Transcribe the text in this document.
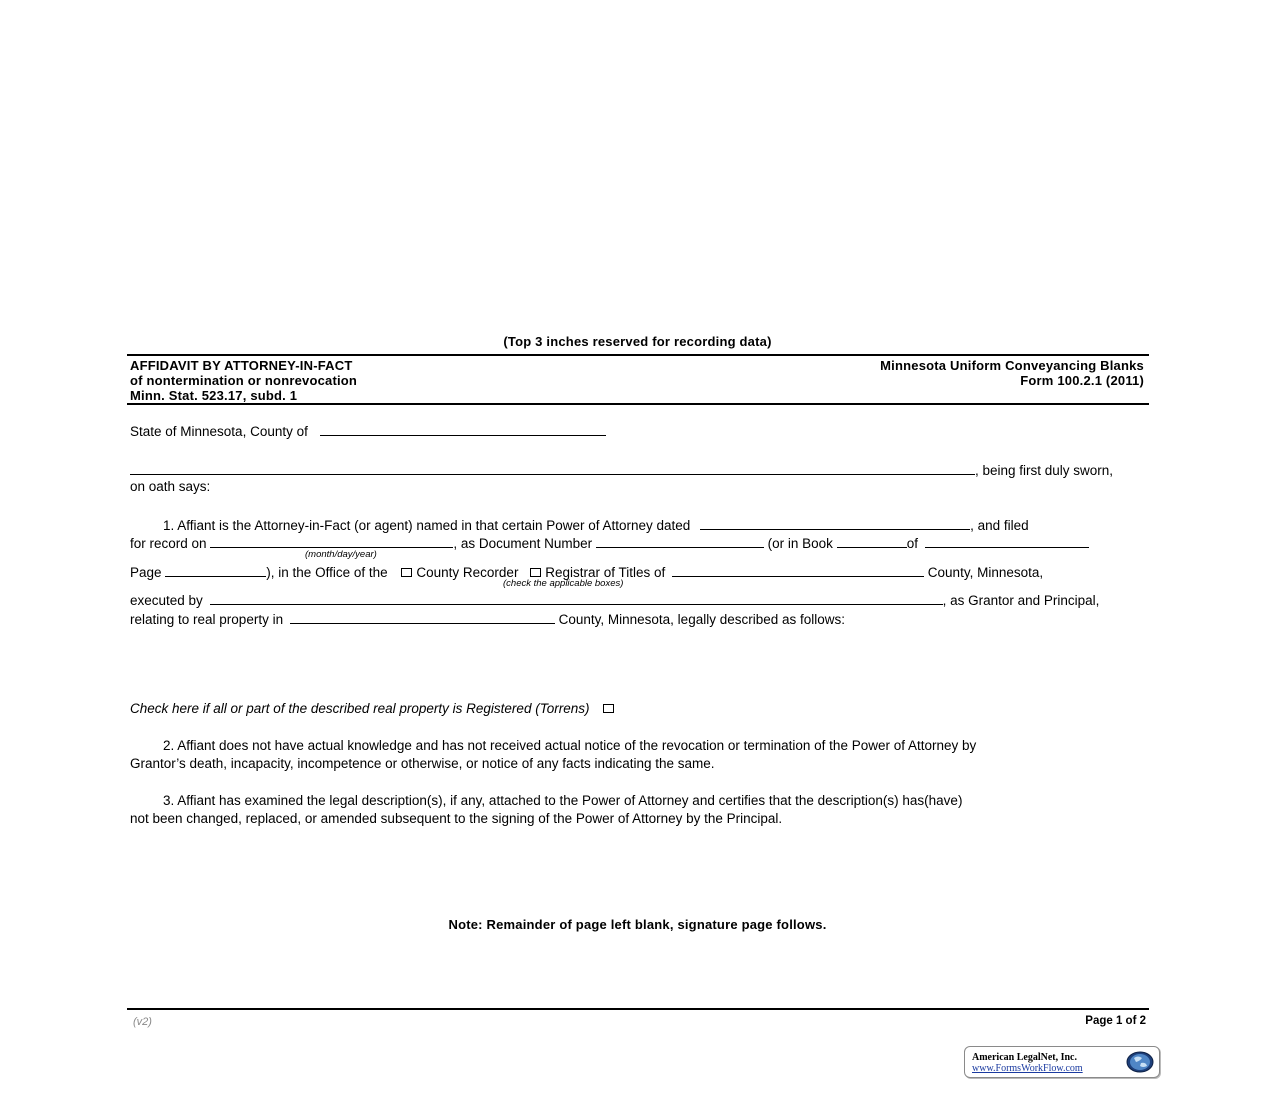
(Top 3 inches reserved for recording data)
AFFIDAVIT BY ATTORNEY-IN-FACT
of nontermination or nonrevocation
Minn. Stat. 523.17, subd. 1
Minnesota Uniform Conveyancing Blanks
Form 100.2.1 (2011)
State of Minnesota, County of
, being first duly sworn,
on oath says:
1. Affiant is the Attorney-in-Fact (or agent) named in that certain Power of Attorney dated	, and filed
for record on	, as Document Number	(or in Book	of
(month/day/year)
Page	), in the Office of the County Recorder Registrar of Titles of	County, Minnesota,
(check the applicable boxes)
executed by	, as Grantor and Principal,
relating to real property in	County, Minnesota, legally described as follows:
Check here if all or part of the described real property is Registered (Torrens)
2. Affiant does not have actual knowledge and has not received actual notice of the revocation or termination of the Power of Attorney by
Grantor’s death, incapacity, incompetence or otherwise, or notice of any facts indicating the same.
3. Affiant has examined the legal description(s), if any, attached to the Power of Attorney and certifies that the description(s) has(have)
not been changed, replaced, or amended subsequent to the signing of the Power of Attorney by the Principal.
Note: Remainder of page left blank, signature page follows.
(v2)	Page 1 of 2
American LegalNet, Inc.
www.FormsWorkFlow.com
